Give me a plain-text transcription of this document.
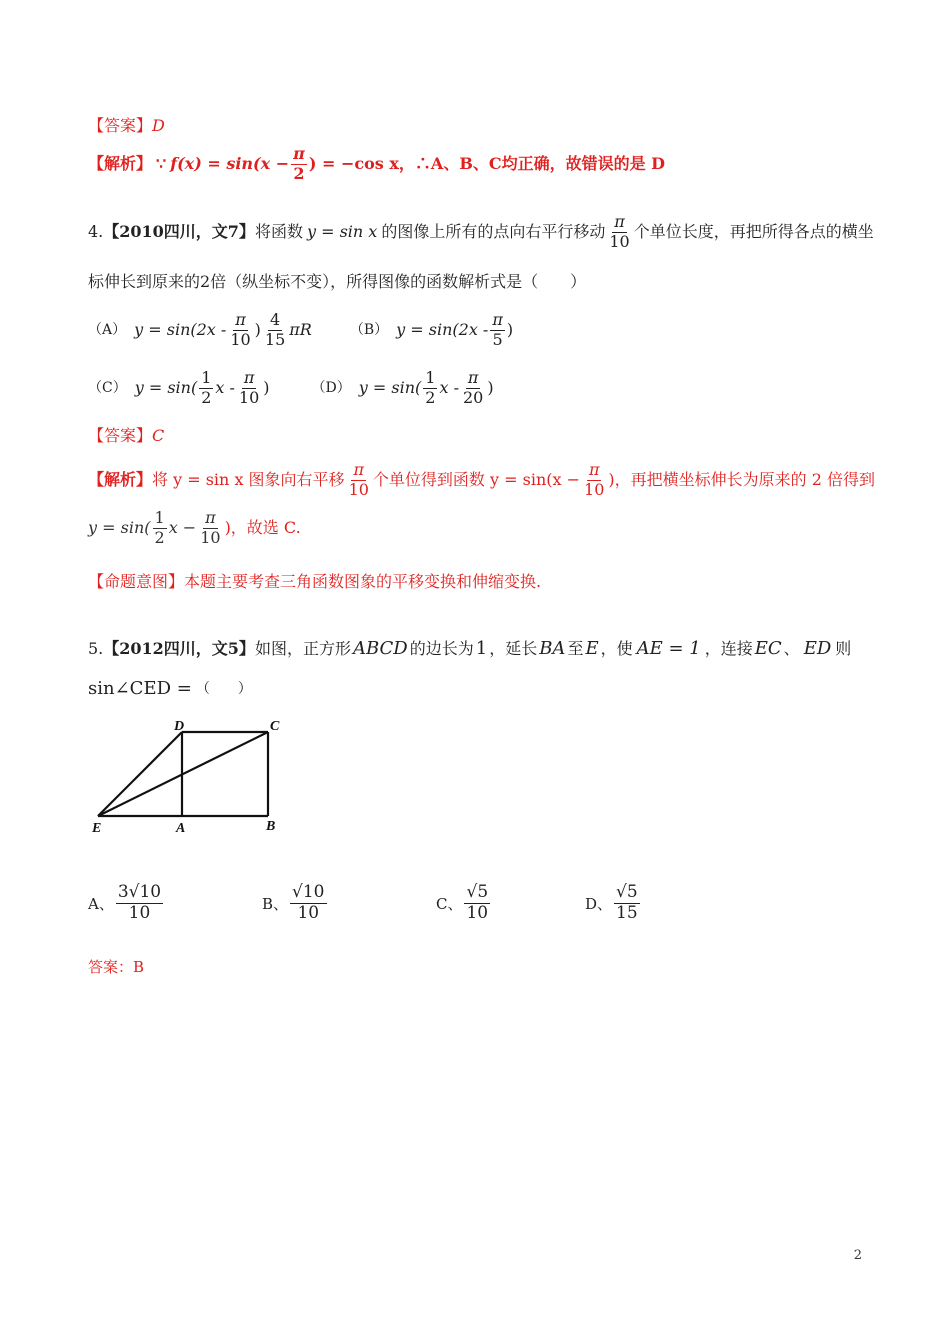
【答案】D
【解析】 ∵ $f(x) = \sin(x - \frac{\pi}{2}$ ) = −cos x，∴A、B、C均正确，故错误的是 D
4. 【2010四川，文7】 将函数 y = sin x 的图像上所有的点向右平行移动 $\frac{\pi}{10}$ 个单位长度，再把所得各点的横坐
标伸长到原来的2倍（纵坐标不变），所得图像的函数解析式是（　　）
（A） $y = \sin(2x - \frac{\pi}{10}$ ) $\frac{4}{15}$ πR	（B） $y = \sin(2x - \frac{\pi}{5}$ )
（C） $y = \sin( \frac{1}{2}$ x - $\frac{\pi}{10}$ )	（D） $y = \sin( \frac{1}{2}$ x - $\frac{\pi}{20}$ )
【答案】C
【解析】 将 y = sin x 图象向右平移 $\frac{\pi}{10}$ 个单位得到函数 $y = \sin(x - \frac{\pi}{10}$ )，再把横坐标伸长为原来的 2 倍得到
$y = \sin( \frac{1}{2}$ $x - \frac{\pi}{10}$ )，故选 C.
【命题意图】本题主要考查三角函数图象的平移变换和伸缩变换.
5. 【2012四川，文5】 如图，正方形 ABCD 的边长为 1 ，延长 BA 至 E ，使 AE = 1 ，连接 EC 、 ED 则
sin∠CED = （　　）
D	C
E	A	B
A、 $\frac{3√10}{10}$	B、 $\frac{√10}{10}$	C、 $\frac{√5}{10}$	D、 $\frac{√5}{15}$
答案：B
2
